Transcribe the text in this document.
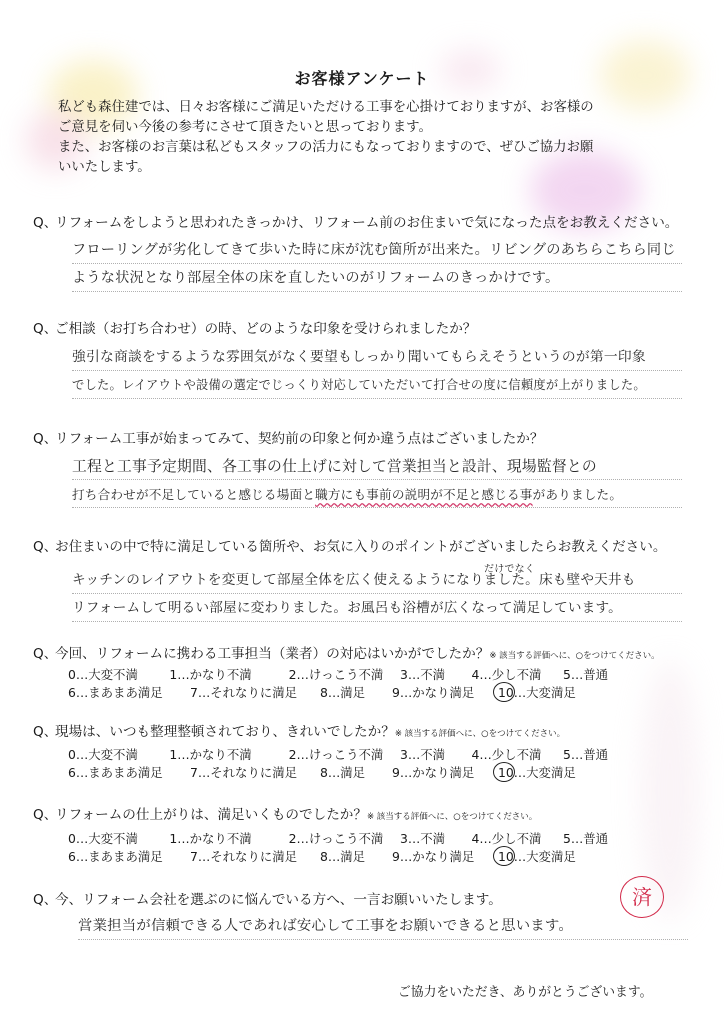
お客様アンケート
私ども森住建では、日々お客様にご満足いただける工事を心掛けておりますが、お客様の
ご意見を伺い今後の参考にさせて頂きたいと思っております。
また、お客様のお言葉は私どもスタッフの活力にもなっておりますので、ぜひご協力お願
いいたします。
Q、リフォームをしようと思われたきっかけ、リフォーム前のお住まいで気になった点をお教えください。
フローリングが劣化してきて歩いた時に床が沈む箇所が出来た。リビングのあちらこちら同じ
ような状況となり部屋全体の床を直したいのがリフォームのきっかけです。
Q、ご相談（お打ち合わせ）の時、どのような印象を受けられましたか？
強引な商談をするような雰囲気がなく要望もしっかり聞いてもらえそうというのが第一印象
でした。レイアウトや設備の選定でじっくり対応していただいて打合せの度に信頼度が上がりました。
Q、リフォーム工事が始まってみて、契約前の印象と何か違う点はございましたか？
工程と工事予定期間、各工事の仕上げに対して営業担当と設計、現場監督との
打ち合わせが不足していると感じる場面と職方にも事前の説明が不足と感じる事がありました。
Q、お住まいの中で特に満足している箇所や、お気に入りのポイントがございましたらお教えください。
だけでなく
キッチンのレイアウトを変更して部屋全体を広く使えるようになりました。床も壁や天井も
リフォームして明るい部屋に変わりました。お風呂も浴槽が広くなって満足しています。
Q、今回、リフォームに携わる工事担当（業者）の対応はいかがでしたか？※ 該当する評価へに、○をつけてください。
0…大変不満	1…かなり不満	2…けっこう不満	3…不満	4…少し不満	5…普通
6…まあまあ満足	7…それなりに満足	8…満足	9…かなり満足	10…大変満足
Q、現場は、いつも整理整頓されており、きれいでしたか？※ 該当する評価へに、○をつけてください。
0…大変不満	1…かなり不満	2…けっこう不満	3…不満	4…少し不満	5…普通
6…まあまあ満足	7…それなりに満足	8…満足	9…かなり満足	10…大変満足
Q、リフォームの仕上がりは、満足いくものでしたか？※ 該当する評価へに、○をつけてください。
0…大変不満	1…かなり不満	2…けっこう不満	3…不満	4…少し不満	5…普通
6…まあまあ満足	7…それなりに満足	8…満足	9…かなり満足	10…大変満足
Q、今、リフォーム会社を選ぶのに悩んでいる方へ、一言お願いいたします。
営業担当が信頼できる人であれば安心して工事をお願いできると思います。
済
ご協力をいただき、ありがとうございます。
